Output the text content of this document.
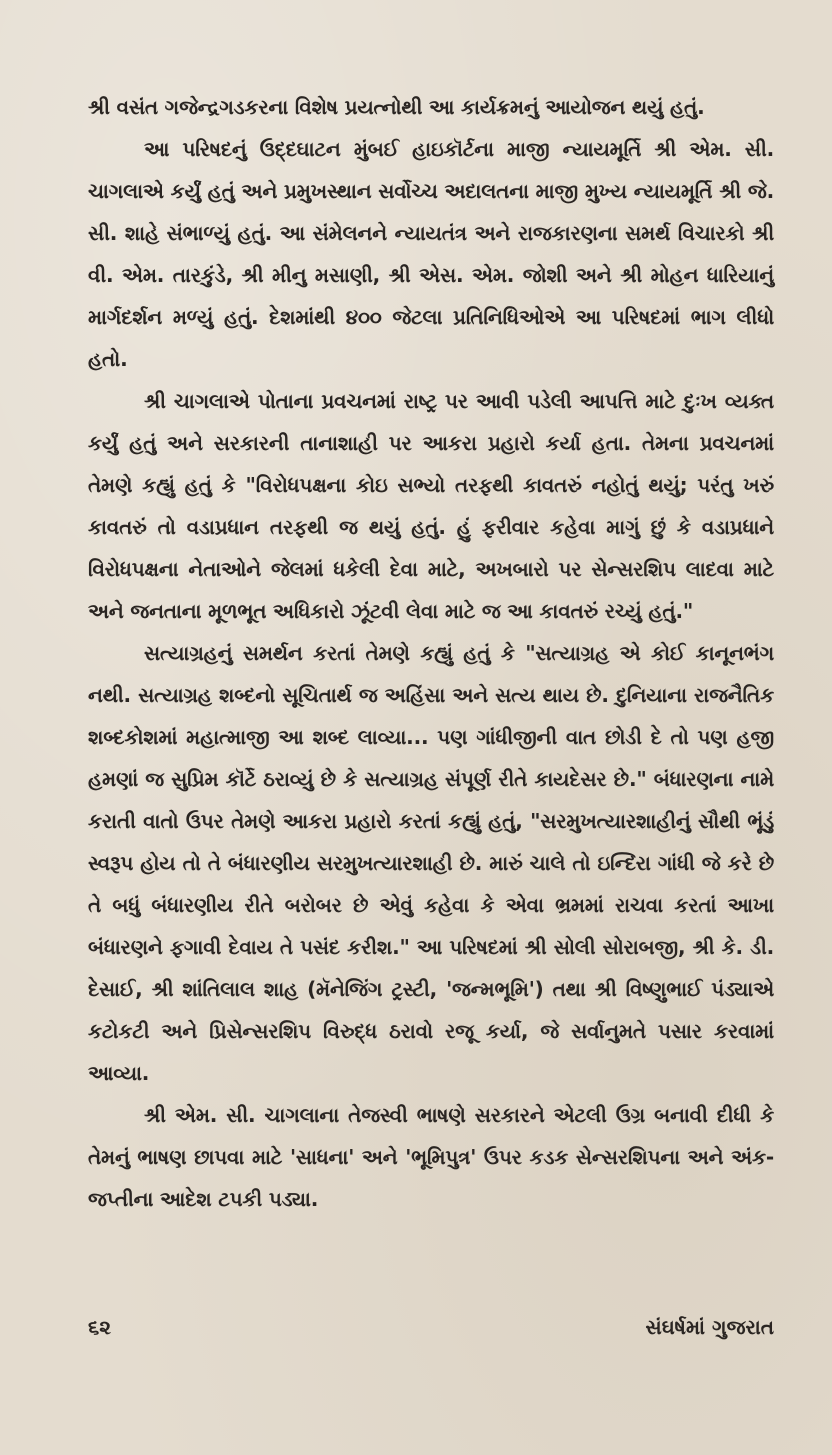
શ્રી વસંત ગજેન્દ્રગડકરના વિશેષ પ્રયત્નોથી આ કાર્યક્રમનું આયોજન થયું હતું.

આ પરિષદનું ઉદ્દઘાટન મુંબઈ હાઇકૉર્ટના માજી ન્યાયમૂર્તિ શ્રી એમ. સી. ચાગલાએ કર્યું હતું અને પ્રમુખસ્થાન સર્વોચ્ચ અદાલતના માજી મુખ્ય ન્યાયમૂર્તિ શ્રી જે. સી. શાહે સંભાળ્યું હતું. આ સંમેલનને ન્યાયતંત્ર અને રાજકારણના સમર્થ વિચારકો શ્રી વી. એમ. તારકુંડે, શ્રી મીનુ મસાણી, શ્રી એસ. એમ. જોશી અને શ્રી મોહન ધારિયાનું માર્ગદર્શન મળ્યું હતું. દેશમાંથી ૪૦૦ જેટલા પ્રતિનિધિઓએ આ પરિષદમાં ભાગ લીધો હતો.

શ્રી ચાગલાએ પોતાના પ્રવચનમાં રાષ્ટ્ર પર આવી પડેલી આપત્તિ માટે દુઃખ વ્યક્ત કર્યું હતું અને સરકારની તાનાશાહી પર આકરા પ્રહારો કર્યા હતા. તેમના પ્રવચનમાં તેમણે કહ્યું હતું કે "વિરોધપક્ષના કોઇ સભ્યો તરફથી કાવતરું નહોતું થયું; પરંતુ ખરું કાવતરું તો વડાપ્રધાન તરફથી જ થયું હતું. હું ફરીવાર કહેવા માગું છું કે વડાપ્રધાને વિરોધપક્ષના નેતાઓને જેલમાં ધકેલી દેવા માટે, અખબારો પર સેન્સરશિપ લાદવા માટે અને જનતાના મૂળભૂત અધિકારો ઝૂંટવી લેવા માટે જ આ કાવતરું રચ્યું હતું."

સત્યાગ્રહનું સમર્થન કરતાં તેમણે કહ્યું હતું કે "સત્યાગ્રહ એ કોઈ કાનૂનભંગ નથી. સત્યાગ્રહ શબ્દનો સૂચિતાર્થ જ અહિંસા અને સત્ય થાય છે. દુનિયાના રાજનૈતિક શબ્દકોશમાં મહાત્માજી આ શબ્દ લાવ્યા... પણ ગાંધીજીની વાત છોડી દે તો પણ હજી હમણાં જ સુપ્રિમ કૉર્ટે ઠરાવ્યું છે કે સત્યાગ્રહ સંપૂર્ણ રીતે કાયદેસર છે." બંધારણના નામે કરાતી વાતો ઉપર તેમણે આકરા પ્રહારો કરતાં કહ્યું હતું, "સરમુખત્યારશાહીનું સૌથી ભૂંડું સ્વરૂપ હોય તો તે બંધારણીય સરમુખત્યારશાહી છે. મારું ચાલે તો ઇન્દિરા ગાંધી જે કરે છે તે બધું બંધારણીય રીતે બરોબર છે એવું કહેવા કે એવા ભ્રમમાં રાચવા કરતાં આખા બંધારણને ફગાવી દેવાય તે પસંદ કરીશ." આ પરિષદમાં શ્રી સોલી સોરાબજી, શ્રી કે. ડી. દેસાઈ, શ્રી શાંતિલાલ શાહ (મૅનેજિંગ ટ્રસ્ટી, 'જન્મભૂમિ') તથા શ્રી વિષ્ણુભાઈ પંડ્યાએ કટોકટી અને પ્રિસેન્સરશિપ વિરુદ્ધ ઠરાવો રજૂ કર્યા, જે સર્વાનુમતે પસાર કરવામાં આવ્યા.

શ્રી એમ. સી. ચાગલાના તેજસ્વી ભાષણે સરકારને એટલી ઉગ્ર બનાવી દીધી કે તેમનું ભાષણ છાપવા માટે 'સાધના' અને 'ભૂમિપુત્ર' ઉપર કડક સેન્સરશિપના અને અંક-જપ્તીના આદેશ ટપકી પડ્યા.

૬૨	સંઘર્ષમાં ગુજરાત
